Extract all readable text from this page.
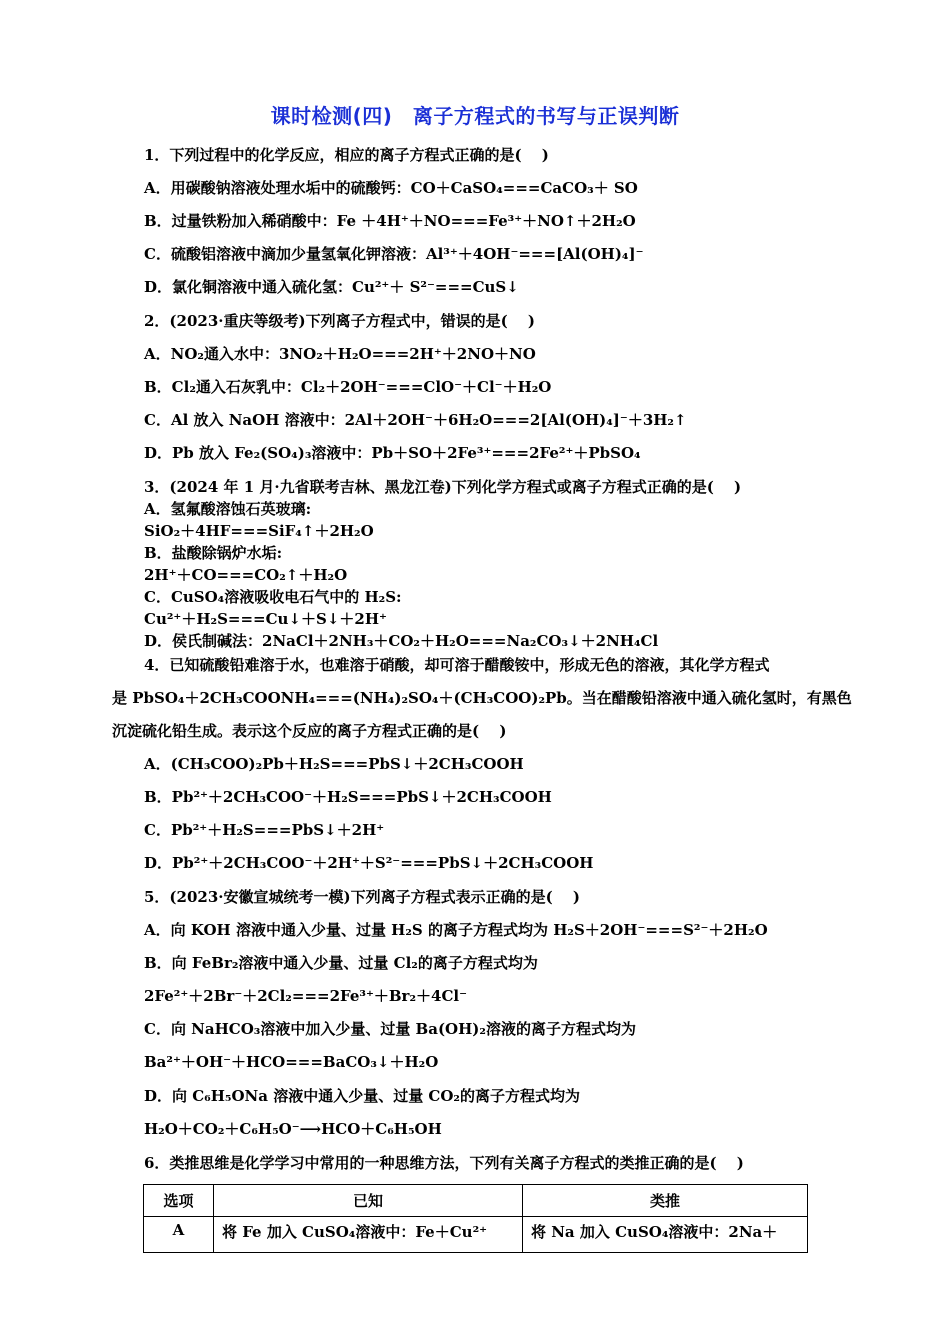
课时检测(四)　离子方程式的书写与正误判断
1．下列过程中的化学反应，相应的离子方程式正确的是(　 )
A．用碳酸钠溶液处理水垢中的硫酸钙：CO＋CaSO₄===CaCO₃＋ SO
B．过量铁粉加入稀硝酸中：Fe ＋4H⁺＋NO===Fe³⁺＋NO↑＋2H₂O
C．硫酸铝溶液中滴加少量氢氧化钾溶液：Al³⁺＋4OH⁻===[Al(OH)₄]⁻
D．氯化铜溶液中通入硫化氢：Cu²⁺＋ S²⁻===CuS↓
2．(2023·重庆等级考)下列离子方程式中，错误的是(　 )
A．NO₂通入水中：3NO₂＋H₂O===2H⁺＋2NO＋NO
B．Cl₂通入石灰乳中：Cl₂＋2OH⁻===ClO⁻＋Cl⁻＋H₂O
C．Al 放入 NaOH 溶液中：2Al＋2OH⁻＋6H₂O===2[Al(OH)₄]⁻＋3H₂↑
D．Pb 放入 Fe₂(SO₄)₃溶液中：Pb＋SO＋2Fe³⁺===2Fe²⁺＋PbSO₄
3．(2024 年 1 月·九省联考吉林、黑龙江卷)下列化学方程式或离子方程式正确的是(　 )
A．氢氟酸溶蚀石英玻璃:
SiO₂＋4HF===SiF₄↑＋2H₂O
B．盐酸除锅炉水垢:
2H⁺＋CO===CO₂↑＋H₂O
C．CuSO₄溶液吸收电石气中的 H₂S:
Cu²⁺＋H₂S===Cu↓＋S↓＋2H⁺
D．侯氏制碱法：2NaCl＋2NH₃＋CO₂＋H₂O===Na₂CO₃↓＋2NH₄Cl
4．已知硫酸铅难溶于水，也难溶于硝酸，却可溶于醋酸铵中，形成无色的溶液，其化学方程式
是 PbSO₄＋2CH₃COONH₄===(NH₄)₂SO₄＋(CH₃COO)₂Pb。当在醋酸铅溶液中通入硫化氢时，有黑色
沉淀硫化铅生成。表示这个反应的离子方程式正确的是(　 )
A．(CH₃COO)₂Pb＋H₂S===PbS↓＋2CH₃COOH
B．Pb²⁺＋2CH₃COO⁻＋H₂S===PbS↓＋2CH₃COOH
C．Pb²⁺＋H₂S===PbS↓＋2H⁺
D．Pb²⁺＋2CH₃COO⁻＋2H⁺＋S²⁻===PbS↓＋2CH₃COOH
5．(2023·安徽宣城统考一模)下列离子方程式表示正确的是(　 )
A．向 KOH 溶液中通入少量、过量 H₂S 的离子方程式均为 H₂S＋2OH⁻===S²⁻＋2H₂O
B．向 FeBr₂溶液中通入少量、过量 Cl₂的离子方程式均为
2Fe²⁺＋2Br⁻＋2Cl₂===2Fe³⁺＋Br₂＋4Cl⁻
C．向 NaHCO₃溶液中加入少量、过量 Ba(OH)₂溶液的离子方程式均为
Ba²⁺＋OH⁻＋HCO===BaCO₃↓＋H₂O
D．向 C₆H₅ONa 溶液中通入少量、过量 CO₂的离子方程式均为
H₂O＋CO₂＋C₆H₅O⁻⟶HCO＋C₆H₅OH
6．类推思维是化学学习中常用的一种思维方法，下列有关离子方程式的类推正确的是(　 )
选项	已知	类推
A	将 Fe 加入 CuSO₄溶液中：Fe＋Cu²⁺	将 Na 加入 CuSO₄溶液中：2Na＋
